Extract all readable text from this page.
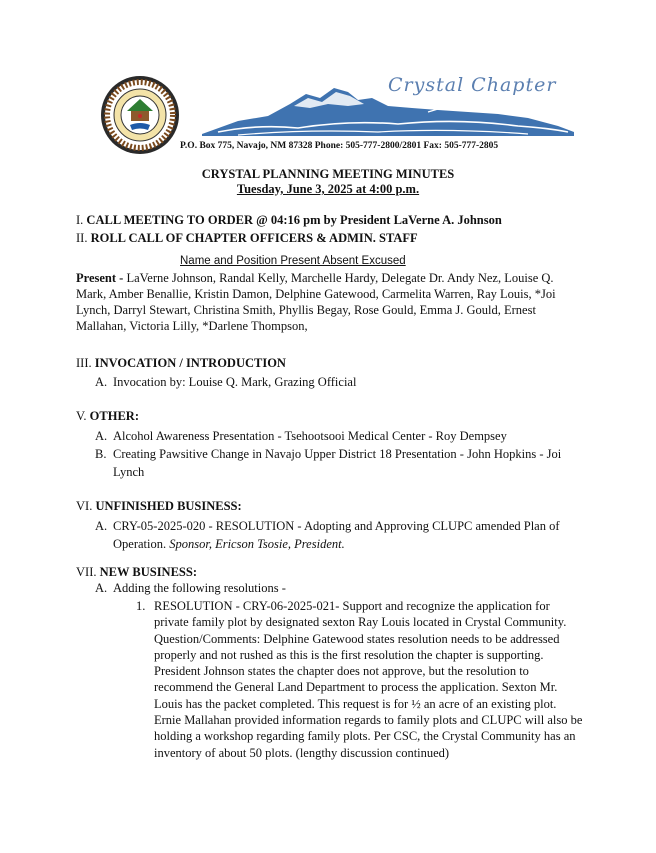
Crystal Chapter
P.O. Box 775, Navajo, NM 87328 Phone: 505-777-2800/2801 Fax: 505-777-2805
CRYSTAL PLANNING MEETING MINUTES
Tuesday, June 3, 2025 at 4:00 p.m.
I. CALL MEETING TO ORDER @ 04:16 pm by President LaVerne A. Johnson
II. ROLL CALL OF CHAPTER OFFICERS & ADMIN. STAFF
Name and Position Present Absent Excused
Present - LaVerne Johnson, Randal Kelly, Marchelle Hardy, Delegate Dr. Andy Nez, Louise Q. Mark, Amber Benallie, Kristin Damon, Delphine Gatewood, Carmelita Warren, Ray Louis, *Joi Lynch, Darryl Stewart, Christina Smith, Phyllis Begay, Rose Gould, Emma J. Gould, Ernest Mallahan, Victoria Lilly, *Darlene Thompson,
III. INVOCATION / INTRODUCTION
A. Invocation by: Louise Q. Mark, Grazing Official
V. OTHER:
A. Alcohol Awareness Presentation - Tsehootsooi Medical Center - Roy Dempsey
B. Creating Pawsitive Change in Navajo Upper District 18 Presentation - John Hopkins - Joi Lynch
VI. UNFINISHED BUSINESS:
A. CRY-05-2025-020 - RESOLUTION - Adopting and Approving CLUPC amended Plan of Operation. Sponsor, Ericson Tsosie, President.
VII. NEW BUSINESS:
A. Adding the following resolutions -
1. RESOLUTION - CRY-06-2025-021- Support and recognize the application for private family plot by designated sexton Ray Louis located in Crystal Community. Question/Comments: Delphine Gatewood states resolution needs to be addressed properly and not rushed as this is the first resolution the chapter is supporting. President Johnson states the chapter does not approve, but the resolution to recommend the General Land Department to process the application. Sexton Mr. Louis has the packet completed. This request is for ½ an acre of an existing plot. Ernie Mallahan provided information regards to family plots and CLUPC will also be holding a workshop regarding family plots. Per CSC, the Crystal Community has an inventory of about 50 plots. (lengthy discussion continued)
